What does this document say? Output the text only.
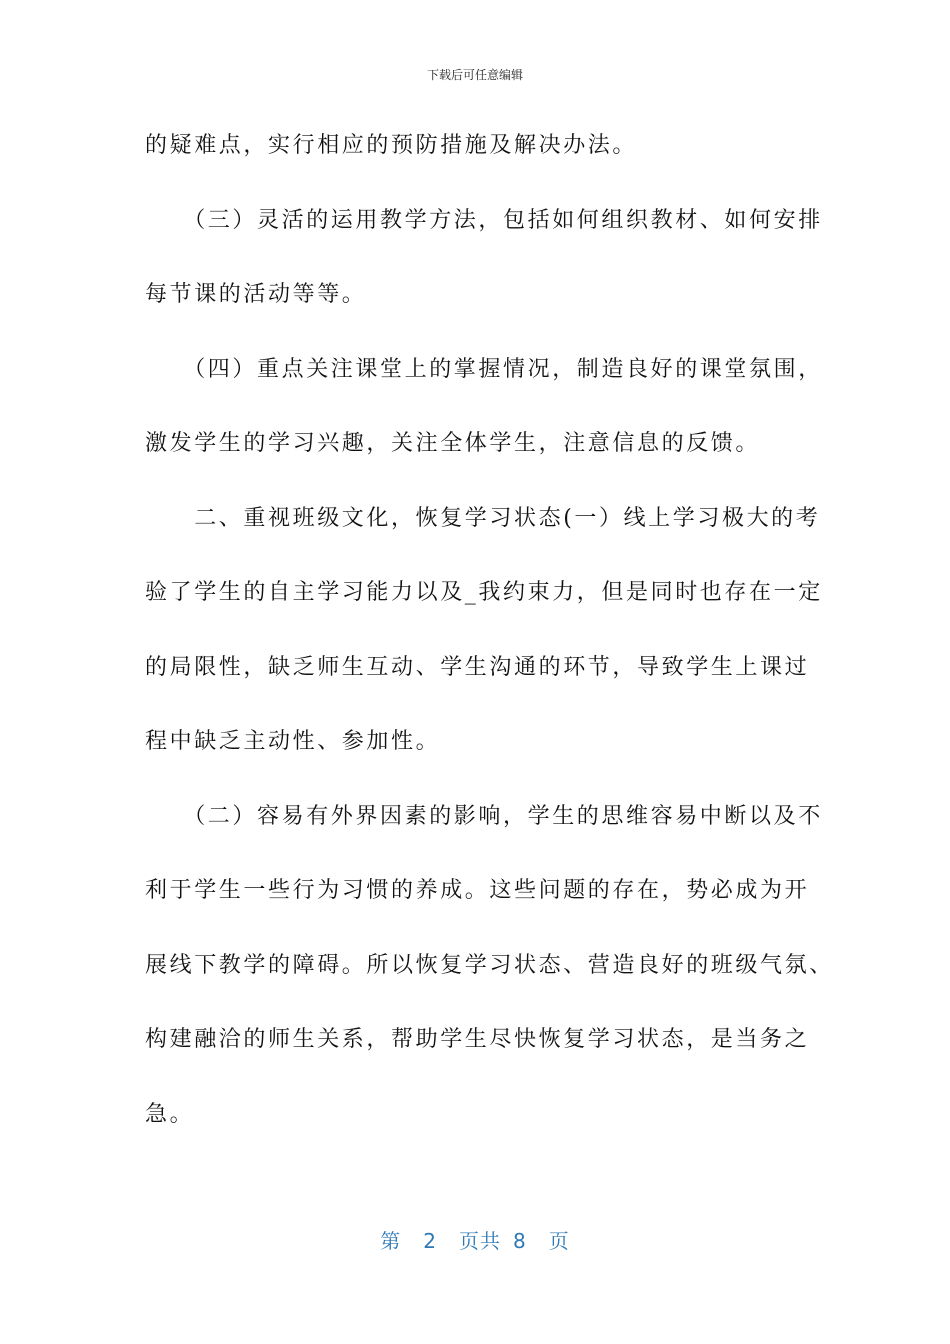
下载后可任意编辑
的疑难点，实行相应的预防措施及解决办法。
　　（三）灵活的运用教学方法，包括如何组织教材、如何安排
每节课的活动等等。
　　（四）重点关注课堂上的掌握情况，制造良好的课堂氛围，
激发学生的学习兴趣，关注全体学生，注意信息的反馈。
　　二、重视班级文化，恢复学习状态(一）线上学习极大的考
验了学生的自主学习能力以及_我约束力，但是同时也存在一定
的局限性，缺乏师生互动、学生沟通的环节，导致学生上课过
程中缺乏主动性、参加性。
　　（二）容易有外界因素的影响，学生的思维容易中断以及不
利于学生一些行为习惯的养成。这些问题的存在，势必成为开
展线下教学的障碍。所以恢复学习状态、营造良好的班级气氛、
构建融洽的师生关系，帮助学生尽快恢复学习状态，是当务之
急。
第 2 页共 8 页
